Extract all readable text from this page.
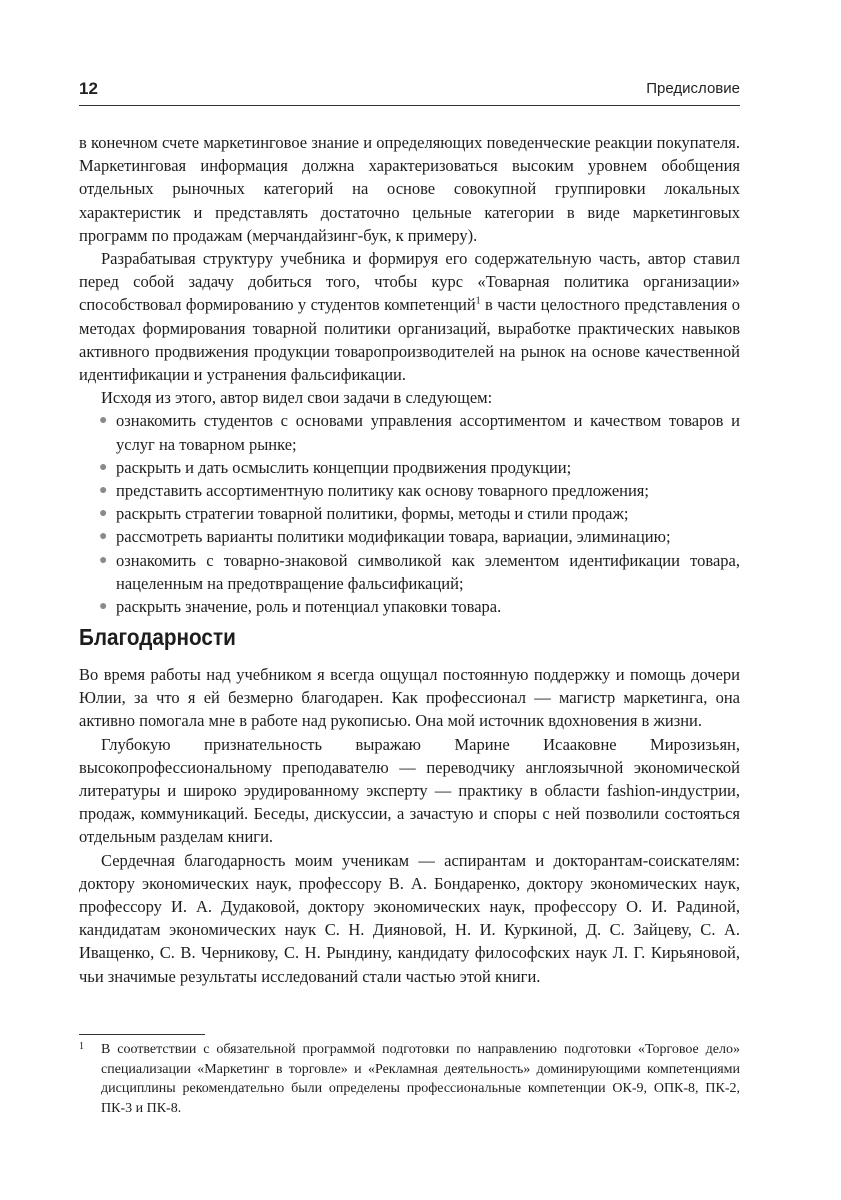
12	Предисловие

в конечном счете маркетинговое знание и определяющих поведенческие реакции покупателя. Маркетинговая информация должна характеризоваться высоким уровнем обобщения отдельных рыночных категорий на основе совокупной группировки локальных характеристик и представлять достаточно цельные категории в виде маркетинговых программ по продажам (мерчандайзинг-бук, к примеру).

Разрабатывая структуру учебника и формируя его содержательную часть, автор ставил перед собой задачу добиться того, чтобы курс «Товарная политика организации» способствовал формированию у студентов компетенций$^1$ в части целостного представления о методах формирования товарной политики организаций, выработке практических навыков активного продвижения продукции товаропроизводителей на рынок на основе качественной идентификации и устранения фальсификации.

Исходя из этого, автор видел свои задачи в следующем:

● ознакомить студентов с основами управления ассортиментом и качеством товаров и услуг на товарном рынке;
● раскрыть и дать осмыслить концепции продвижения продукции;
● представить ассортиментную политику как основу товарного предложения;
● раскрыть стратегии товарной политики, формы, методы и стили продаж;
● рассмотреть варианты политики модификации товара, вариации, элиминацию;
● ознакомить с товарно-знаковой символикой как элементом идентификации товара, нацеленным на предотвращение фальсификаций;
● раскрыть значение, роль и потенциал упаковки товара.
Благодарности

Во время работы над учебником я всегда ощущал постоянную поддержку и помощь дочери Юлии, за что я ей безмерно благодарен. Как профессионал — магистр маркетинга, она активно помогала мне в работе над рукописью. Она мой источник вдохновения в жизни.

Глубокую признательность выражаю Марине Исааковне Мирозизьян, высокопрофессиональному преподавателю — переводчику англоязычной экономической литературы и широко эрудированному эксперту — практику в области fashion-индустрии, продаж, коммуникаций. Беседы, дискуссии, а зачастую и споры с ней позволили состояться отдельным разделам книги.

Сердечная благодарность моим ученикам — аспирантам и докторантам-соискателям: доктору экономических наук, профессору В. А. Бондаренко, доктору экономических наук, профессору И. А. Дудаковой, доктору экономических наук, профессору О. И. Радиной, кандидатам экономических наук С. Н. Дияновой, Н. И. Куркиной, Д. С. Зайцеву, С. А. Иващенко, С. В. Черникову, С. Н. Рындину, кандидату философских наук Л. Г. Кирьяновой, чьи значимые результаты исследований стали частью этой книги.

1	В соответствии с обязательной программой подготовки по направлению подготовки «Торговое дело» специализации «Маркетинг в торговле» и «Рекламная деятельность» доминирующими компетенциями дисциплины рекомендательно были определены профессиональные компетенции ОК-9, ОПК-8, ПК-2, ПК-3 и ПК-8.
